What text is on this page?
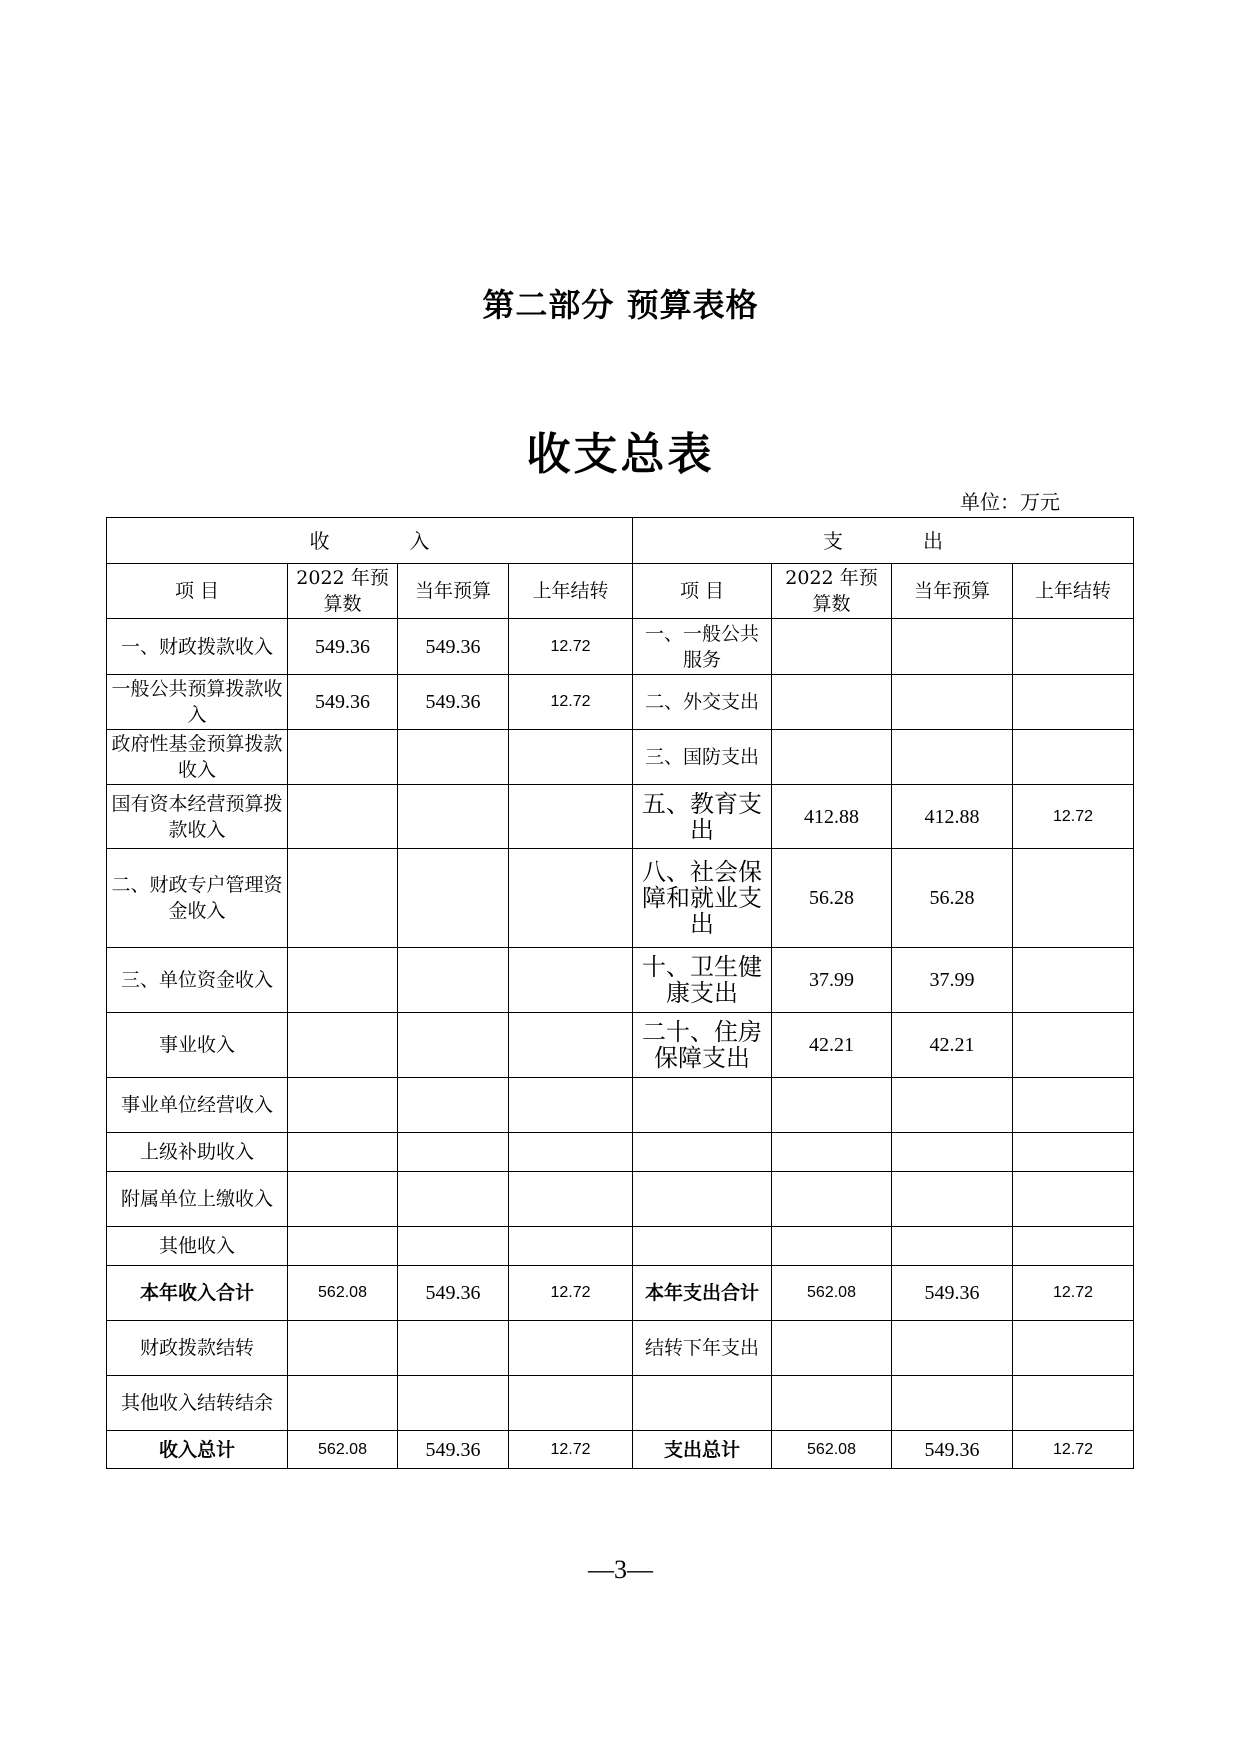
第二部分 预算表格
收支总表
单位：万元
收 入				支 出			
项 目	2022 年预算数	当年预算	上年结转	项 目	2022 年预算数	当年预算	上年结转
一、财政拨款收入	549.36	549.36	12.72	一、一般公共服务			
一般公共预算拨款收入	549.36	549.36	12.72	二、外交支出			
政府性基金预算拨款收入				三、国防支出			
国有资本经营预算拨款收入				五、教育支出	412.88	412.88	12.72
二、财政专户管理资金收入				八、社会保障和就业支出	56.28	56.28	
三、单位资金收入				十、卫生健康支出	37.99	37.99	
事业收入				二十、住房保障支出	42.21	42.21	
事业单位经营收入							
上级补助收入							
附属单位上缴收入							
其他收入							
本年收入合计	562.08	549.36	12.72	本年支出合计	562.08	549.36	12.72
财政拨款结转				结转下年支出			
其他收入结转结余							
收入总计	562.08	549.36	12.72	支出总计	562.08	549.36	12.72
—3—
